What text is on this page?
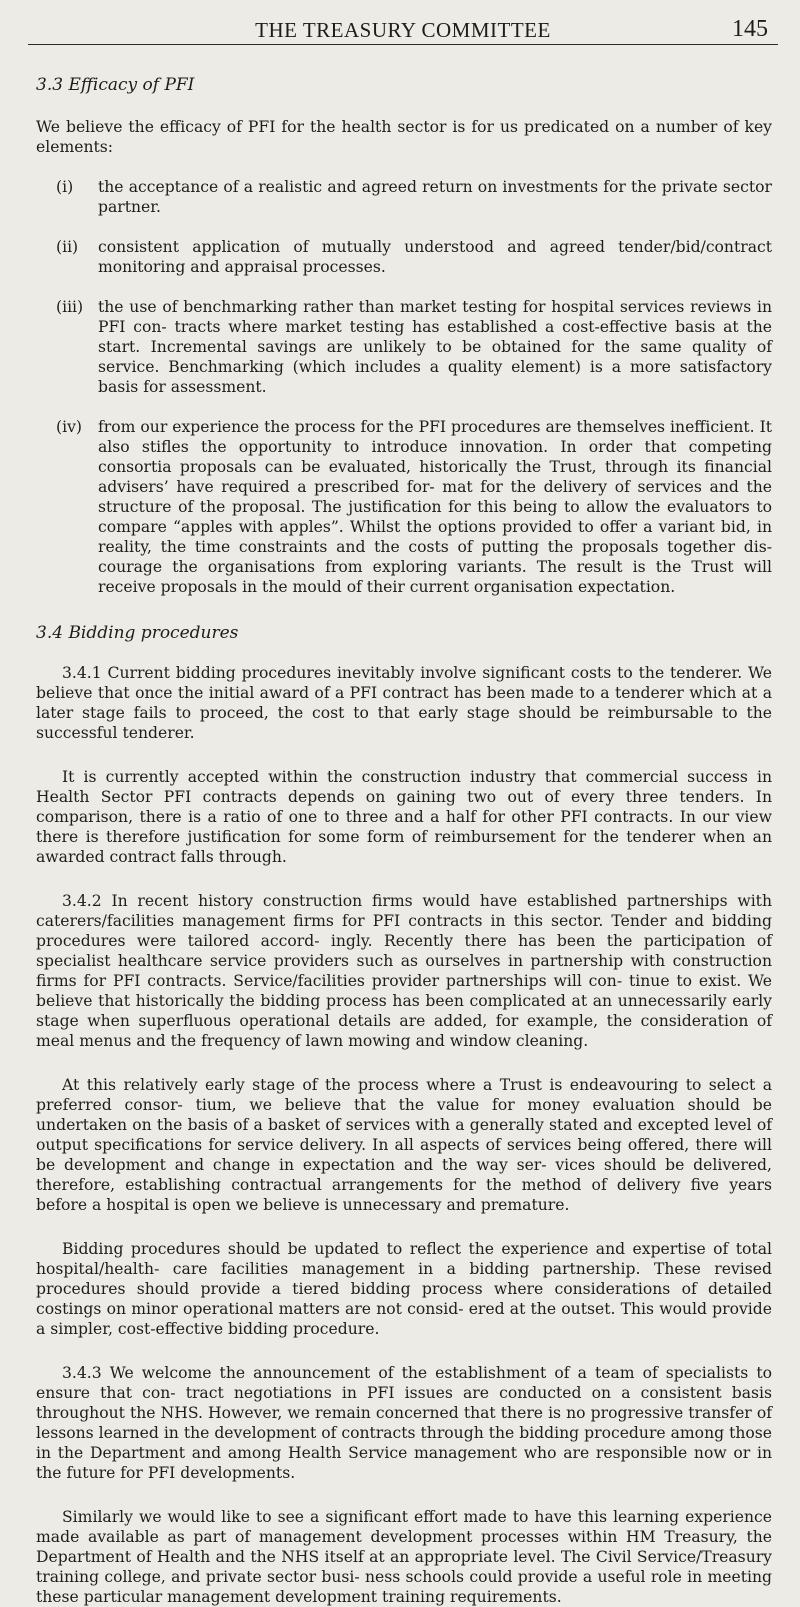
THE TREASURY COMMITTEE	145
3.3 Efficacy of PFI

We believe the efficacy of PFI for the health sector is for us predicated on a number of key elements:

(i)	the acceptance of a realistic and agreed return on investments for the private sector partner.
(ii)	consistent application of mutually understood and agreed tender/bid/contract monitoring and appraisal processes.
(iii) the use of benchmarking rather than market testing for hospital services reviews in PFI con- tracts where market testing has established a cost-effective basis at the start. Incremental savings are unlikely to be obtained for the same quality of service. Benchmarking (which includes a quality element) is a more satisfactory basis for assessment.
(iv)	from our experience the process for the PFI procedures are themselves inefficient. It also stifles the opportunity to introduce innovation. In order that competing consortia proposals can be evaluated, historically the Trust, through its financial advisers’ have required a prescribed for- mat for the delivery of services and the structure of the proposal. The justification for this being to allow the evaluators to compare “apples with apples”. Whilst the options provided to offer a variant bid, in reality, the time constraints and the costs of putting the proposals together dis- courage the organisations from exploring variants. The result is the Trust will receive proposals in the mould of their current organisation expectation.
3.4 Bidding procedures

3.4.1 Current bidding procedures inevitably involve significant costs to the tenderer. We believe that once the initial award of a PFI contract has been made to a tenderer which at a later stage fails to proceed, the cost to that early stage should be reimbursable to the successful tenderer.

It is currently accepted within the construction industry that commercial success in Health Sector PFI contracts depends on gaining two out of every three tenders. In comparison, there is a ratio of one to three and a half for other PFI contracts. In our view there is therefore justification for some form of reimbursement for the tenderer when an awarded contract falls through.

3.4.2 In recent history construction firms would have established partnerships with caterers/facilities management firms for PFI contracts in this sector. Tender and bidding procedures were tailored accord- ingly. Recently there has been the participation of specialist healthcare service providers such as ourselves in partnership with construction firms for PFI contracts. Service/facilities provider partnerships will con- tinue to exist. We believe that historically the bidding process has been complicated at an unnecessarily early stage when superfluous operational details are added, for example, the consideration of meal menus and the frequency of lawn mowing and window cleaning.

At this relatively early stage of the process where a Trust is endeavouring to select a preferred consor- tium, we believe that the value for money evaluation should be undertaken on the basis of a basket of services with a generally stated and excepted level of output specifications for service delivery. In all aspects of services being offered, there will be development and change in expectation and the way ser- vices should be delivered, therefore, establishing contractual arrangements for the method of delivery five years before a hospital is open we believe is unnecessary and premature.

Bidding procedures should be updated to reflect the experience and expertise of total hospital/health- care facilities management in a bidding partnership. These revised procedures should provide a tiered bidding process where considerations of detailed costings on minor operational matters are not consid- ered at the outset. This would provide a simpler, cost-effective bidding procedure.

3.4.3 We welcome the announcement of the establishment of a team of specialists to ensure that con- tract negotiations in PFI issues are conducted on a consistent basis throughout the NHS. However, we remain concerned that there is no progressive transfer of lessons learned in the development of contracts through the bidding procedure among those in the Department and among Health Service management who are responsible now or in the future for PFI developments.

Similarly we would like to see a significant effort made to have this learning experience made available as part of management development processes within HM Treasury, the Department of Health and the NHS itself at an appropriate level. The Civil Service/Treasury training college, and private sector busi- ness schools could provide a useful role in meeting these particular management development training requirements.
